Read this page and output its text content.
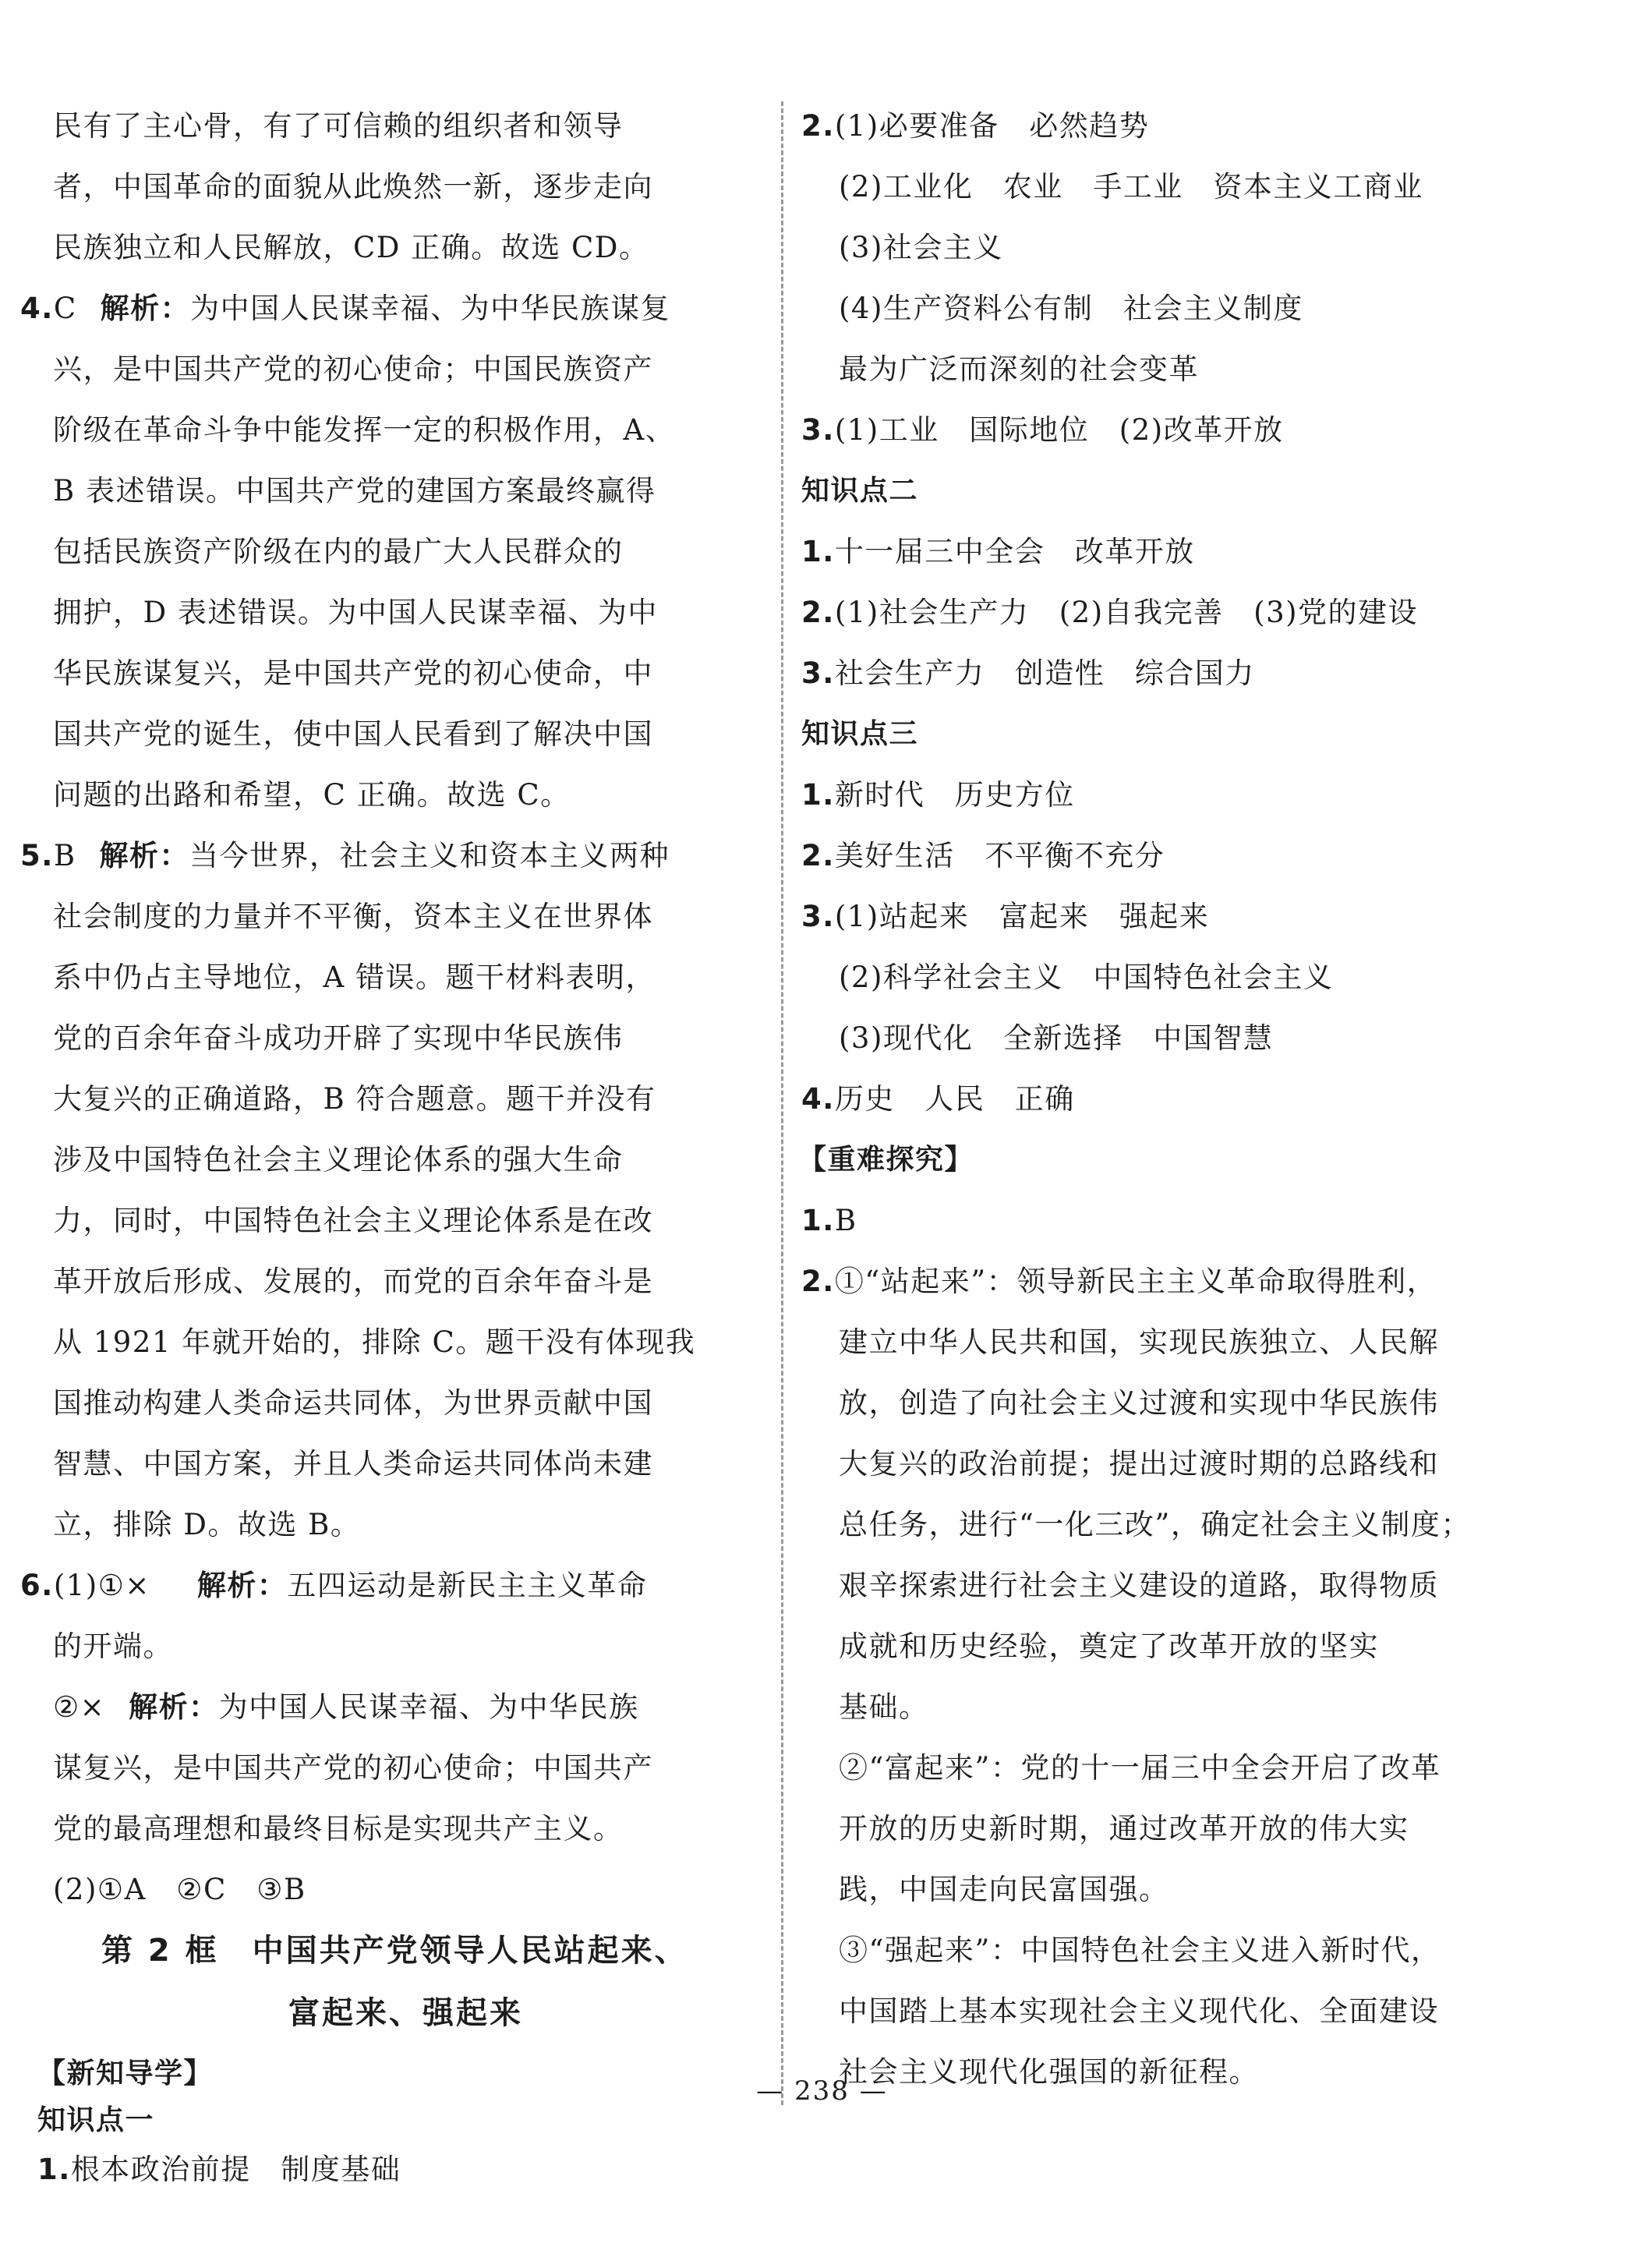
民有了主心骨，有了可信赖的组织者和领导
者，中国革命的面貌从此焕然一新，逐步走向
民族独立和人民解放，CD 正确。故选 CD。
4.C 解析：为中国人民谋幸福、为中华民族谋复
兴，是中国共产党的初心使命；中国民族资产
阶级在革命斗争中能发挥一定的积极作用，A、
B 表述错误。中国共产党的建国方案最终赢得
包括民族资产阶级在内的最广大人民群众的
拥护，D 表述错误。为中国人民谋幸福、为中
华民族谋复兴，是中国共产党的初心使命，中
国共产党的诞生，使中国人民看到了解决中国
问题的出路和希望，C 正确。故选 C。
5.B 解析：当今世界，社会主义和资本主义两种
社会制度的力量并不平衡，资本主义在世界体
系中仍占主导地位，A 错误。题干材料表明，
党的百余年奋斗成功开辟了实现中华民族伟
大复兴的正确道路，B 符合题意。题干并没有
涉及中国特色社会主义理论体系的强大生命
力，同时，中国特色社会主义理论体系是在改
革开放后形成、发展的，而党的百余年奋斗是
从 1921 年就开始的，排除 C。题干没有体现我
国推动构建人类命运共同体，为世界贡献中国
智慧、中国方案，并且人类命运共同体尚未建
立，排除 D。故选 B。
6.(1)①× 解析：五四运动是新民主主义革命
的开端。
②× 解析：为中国人民谋幸福、为中华民族
谋复兴，是中国共产党的初心使命；中国共产
党的最高理想和最终目标是实现共产主义。
(2)①A　②C　③B
第 2 框　中国共产党领导人民站起来、
富起来、强起来
【新知导学】
知识点一
1.根本政治前提　制度基础
2.(1)必要准备　必然趋势
(2)工业化　农业　手工业　资本主义工商业
(3)社会主义
(4)生产资料公有制　社会主义制度
最为广泛而深刻的社会变革
3.(1)工业　国际地位　(2)改革开放
知识点二
1.十一届三中全会　改革开放
2.(1)社会生产力　(2)自我完善　(3)党的建设
3.社会生产力　创造性　综合国力
知识点三
1.新时代　历史方位
2.美好生活　不平衡不充分
3.(1)站起来　富起来　强起来
(2)科学社会主义　中国特色社会主义
(3)现代化　全新选择　中国智慧
4.历史　人民　正确
【重难探究】
1.B
2.①“站起来”：领导新民主主义革命取得胜利，
建立中华人民共和国，实现民族独立、人民解
放，创造了向社会主义过渡和实现中华民族伟
大复兴的政治前提；提出过渡时期的总路线和
总任务，进行“一化三改”，确定社会主义制度；
艰辛探索进行社会主义建设的道路，取得物质
成就和历史经验，奠定了改革开放的坚实
基础。
②“富起来”：党的十一届三中全会开启了改革
开放的历史新时期，通过改革开放的伟大实
践，中国走向民富国强。
③“强起来”：中国特色社会主义进入新时代，
中国踏上基本实现社会主义现代化、全面建设
社会主义现代化强国的新征程。
— 238 —
